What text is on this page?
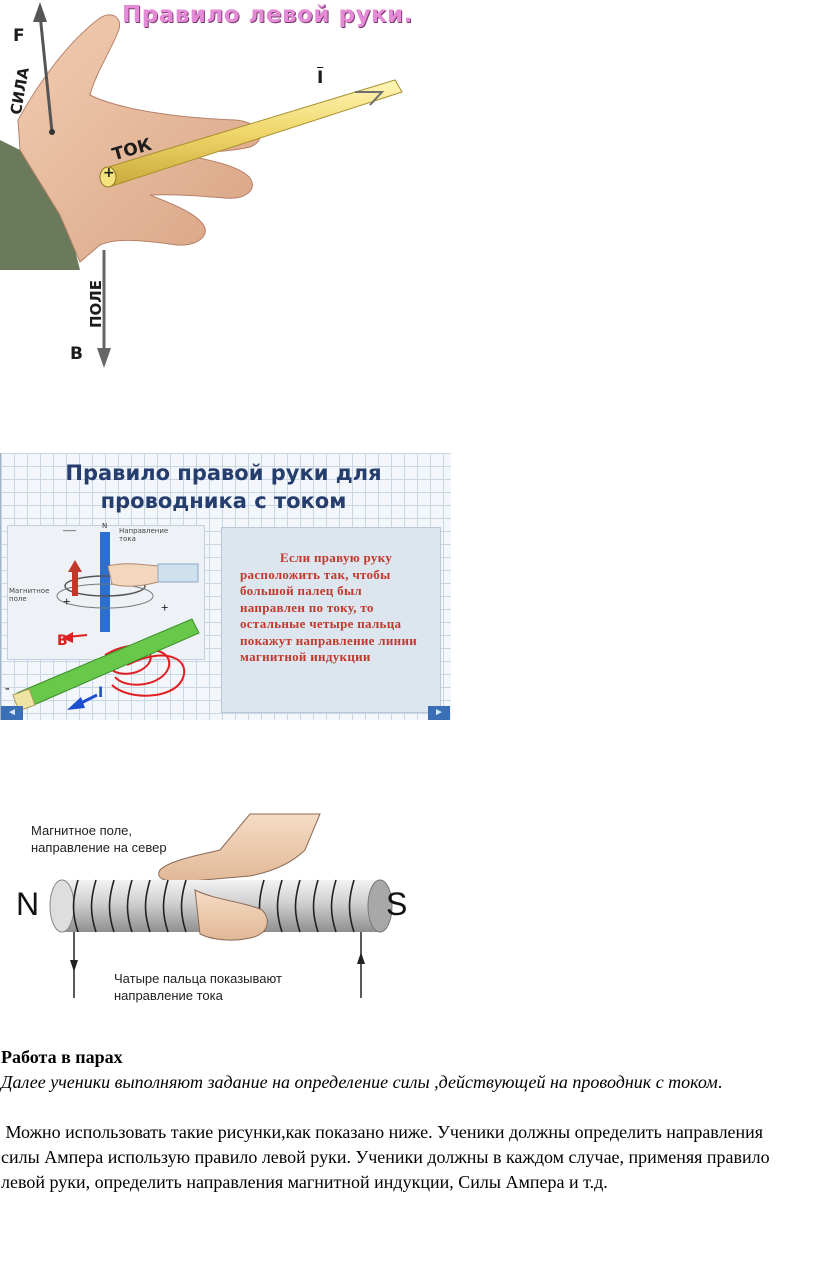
Правило левой руки.
F
СИЛА
ТОК
$\overline{I}$
+
ПОЛЕ
B
Правило правой руки для
проводника с током
—	N
Направление тока
Магнитное поле	+	+
B
I
-

Если правую руку расположить так, чтобы большой палец был направлен по току, то остальные четыре пальца покажут направление линии магнитной индукции

◄	►
Магнитное поле, направление на север
Чатыре пальца показывают направление тока
N	S
Работа в парах
Далее ученики выполняют задание на определение силы ,действующей на проводник с током.
Можно использовать такие рисунки,как показано ниже. Ученики должны определить направления силы Ампера использую правило левой руки. Ученики должны в каждом случае, применяя правило левой руки, определить направления магнитной индукции, Силы Ампера и т.д.
